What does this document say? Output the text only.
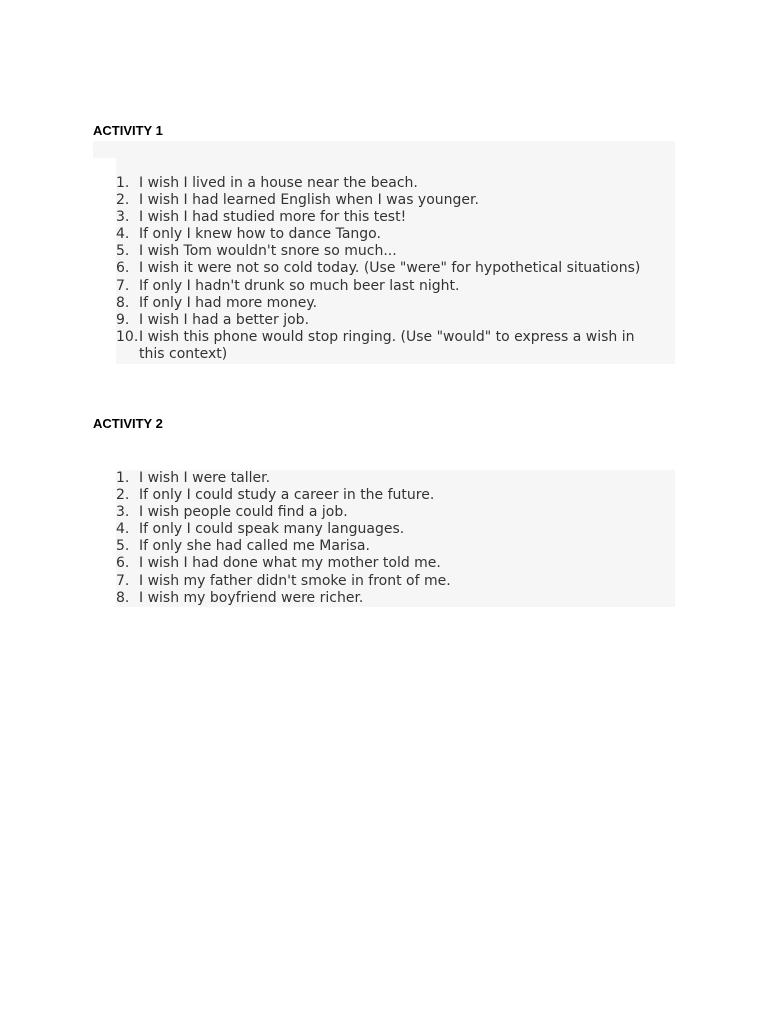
ACTIVITY 1
1. I wish I lived in a house near the beach.
2. I wish I had learned English when I was younger.
3. I wish I had studied more for this test!
4. If only I knew how to dance Tango.
5. I wish Tom wouldn't snore so much...
6. I wish it were not so cold today. (Use "were" for hypothetical situations)
7. If only I hadn't drunk so much beer last night.
8. If only I had more money.
9. I wish I had a better job.
10. I wish this phone would stop ringing. (Use "would" to express a wish in this context)
ACTIVITY 2
1. I wish I were taller.
2. If only I could study a career in the future.
3. I wish people could find a job.
4. If only I could speak many languages.
5. If only she had called me Marisa.
6. I wish I had done what my mother told me.
7. I wish my father didn't smoke in front of me.
8. I wish my boyfriend were richer.
